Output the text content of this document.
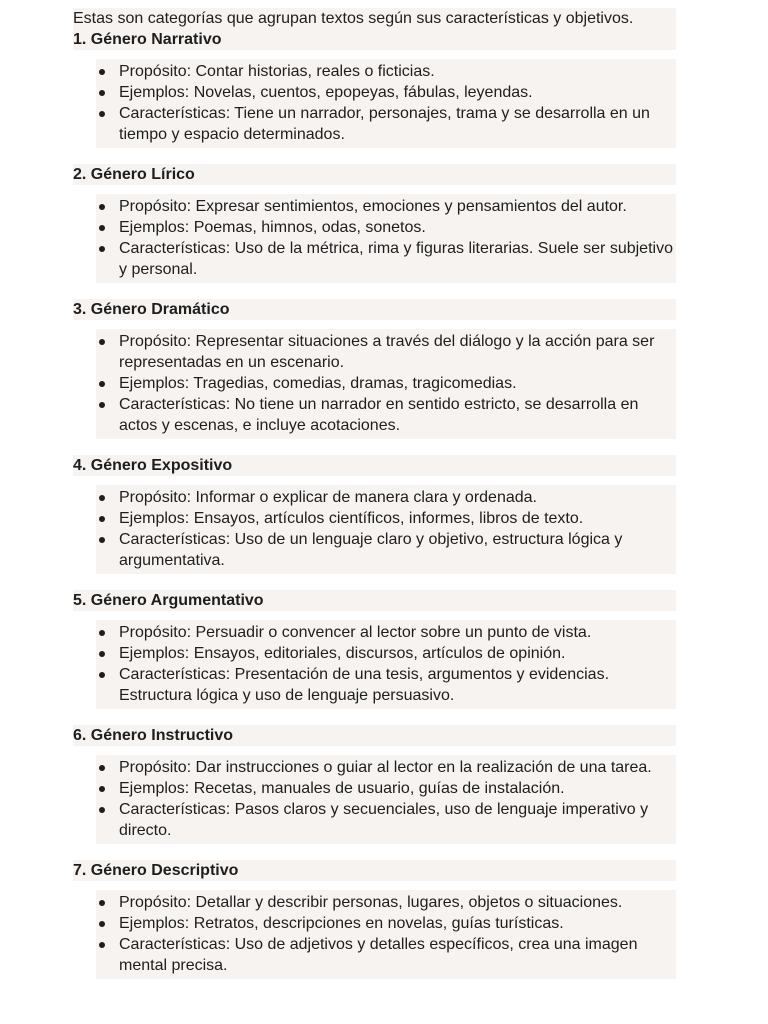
Estas son categorías que agrupan textos según sus características y objetivos.
1. Género Narrativo
Propósito: Contar historias, reales o ficticias.
Ejemplos: Novelas, cuentos, epopeyas, fábulas, leyendas.
Características: Tiene un narrador, personajes, trama y se desarrolla en un tiempo y espacio determinados.
2. Género Lírico
Propósito: Expresar sentimientos, emociones y pensamientos del autor.
Ejemplos: Poemas, himnos, odas, sonetos.
Características: Uso de la métrica, rima y figuras literarias. Suele ser subjetivo y personal.
3. Género Dramático
Propósito: Representar situaciones a través del diálogo y la acción para ser representadas en un escenario.
Ejemplos: Tragedias, comedias, dramas, tragicomedias.
Características: No tiene un narrador en sentido estricto, se desarrolla en actos y escenas, e incluye acotaciones.
4. Género Expositivo
Propósito: Informar o explicar de manera clara y ordenada.
Ejemplos: Ensayos, artículos científicos, informes, libros de texto.
Características: Uso de un lenguaje claro y objetivo, estructura lógica y argumentativa.
5. Género Argumentativo
Propósito: Persuadir o convencer al lector sobre un punto de vista.
Ejemplos: Ensayos, editoriales, discursos, artículos de opinión.
Características: Presentación de una tesis, argumentos y evidencias. Estructura lógica y uso de lenguaje persuasivo.
6. Género Instructivo
Propósito: Dar instrucciones o guiar al lector en la realización de una tarea.
Ejemplos: Recetas, manuales de usuario, guías de instalación.
Características: Pasos claros y secuenciales, uso de lenguaje imperativo y directo.
7. Género Descriptivo
Propósito: Detallar y describir personas, lugares, objetos o situaciones.
Ejemplos: Retratos, descripciones en novelas, guías turísticas.
Características: Uso de adjetivos y detalles específicos, crea una imagen mental precisa.
